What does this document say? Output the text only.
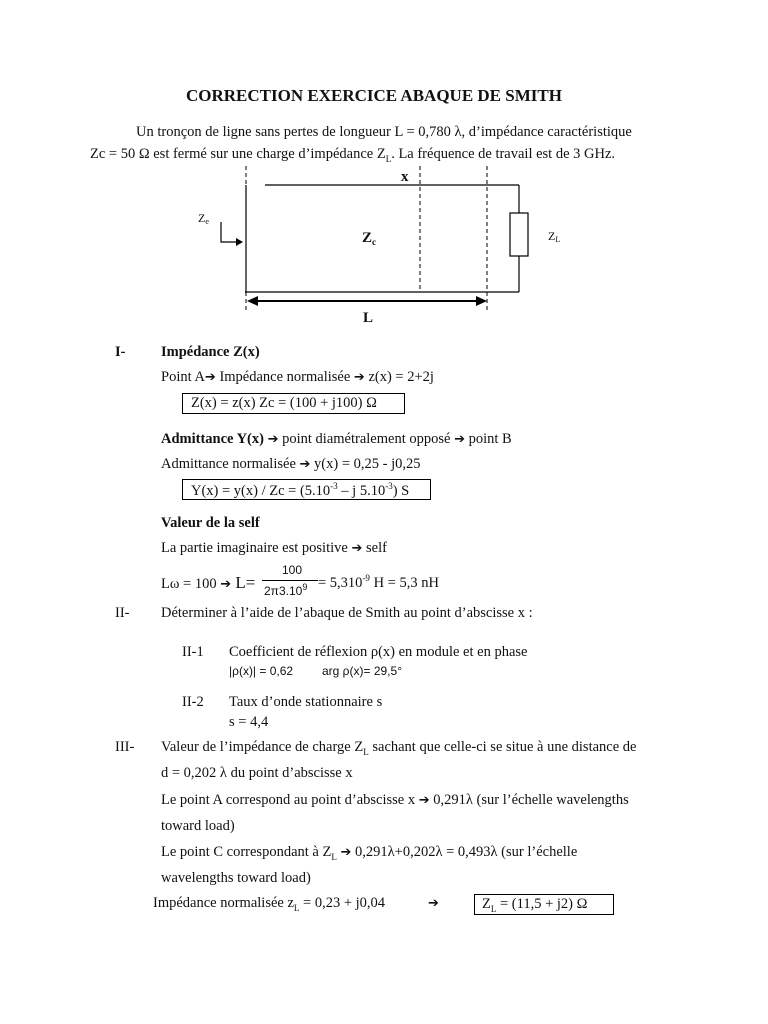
CORRECTION EXERCICE ABAQUE DE SMITH
Un tronçon de ligne sans pertes de longueur L = 0,780 λ, d’impédance caractéristique
Zc = 50 Ω est fermé sur une charge d’impédance $Z_L$. La fréquence de travail est de 3 GHz.
x
Ze
$Z_c$	ZL
L
I- Impédance Z(x)
Point A➔ Impédance normalisée ➔ z(x) = 2+2j
Z(x) = z(x) Zc = (100 + j100) Ω
Admittance Y(x) ➔ point diamétralement opposé ➔ point B
Admittance normalisée ➔ y(x) = 0,25 - j0,25
$Y(x) = y(x) / Zc = (5.10^{-3} - j$ $5.10^{-3}$) S
Valeur de la self
La partie imaginaire est positive ➔ self
Lω = 100 ➔ L=
100
$2\pi 3.10^9 = 5,310^{-9}$ H = 5,3 nH
II- Déterminer à l’aide de l’abaque de Smith au point d’abscisse x :
II-1 Coefficient de réflexion ρ(x) en module et en phase
|ρ(x)| = 0,62 arg ρ(x)= 29,5°
II-2 Taux d’onde stationnaire s
s = 4,4
III- Valeur de l’impédance de charge $Z_L$ sachant que celle-ci se situe à une distance de
d = 0,202 λ du point d’abscisse x
Le point A correspond au point d’abscisse x ➔ 0,291λ (sur l’échelle wavelengths
toward load)
Le point C correspondant à $Z_L$ ➔ 0,291λ+0,202λ = 0,493λ (sur l’échelle
wavelengths toward load)
Impédance normalisée $z_L = 0,23 + j0,04$	➔	$Z_L = (11,5 + j2)$ Ω
